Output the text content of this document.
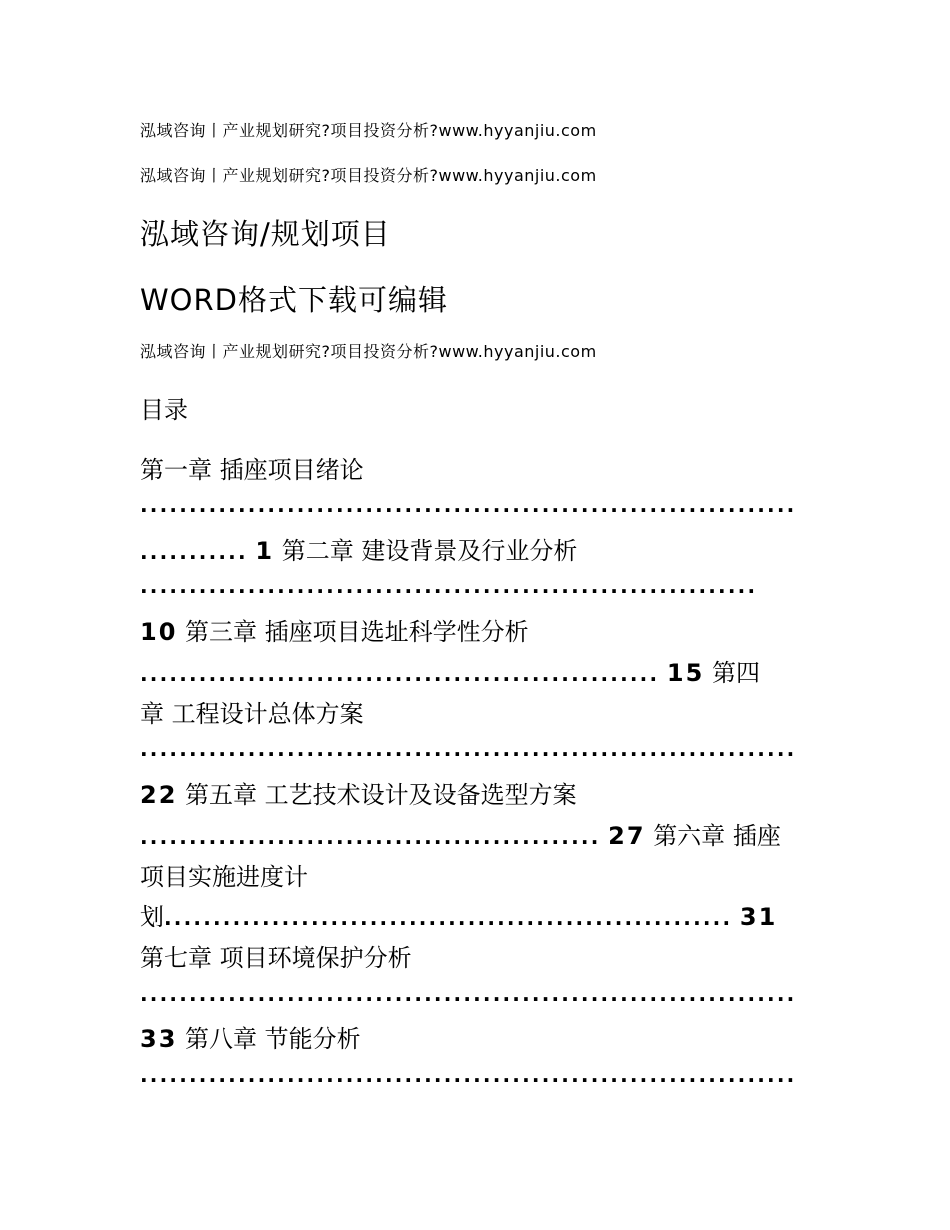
泓域咨询丨产业规划研究?项目投资分析?www.hyyanjiu.com
泓域咨询丨产业规划研究?项目投资分析?www.hyyanjiu.com
泓域咨询/规划项目
WORD格式下载可编辑
泓域咨询丨产业规划研究?项目投资分析?www.hyyanjiu.com
目录
第一章 插座项目绪论
...................................................................
........... 1 第二章 建设背景及行业分析
...............................................................
10 第三章 插座项目选址科学性分析
..................................................... 15 第四
章 工程设计总体方案
...................................................................
22 第五章 工艺技术设计及设备选型方案
............................................... 27 第六章 插座
项目实施进度计
划.......................................................... 31
第七章 项目环境保护分析
...................................................................
33 第八章 节能分析
...................................................................
